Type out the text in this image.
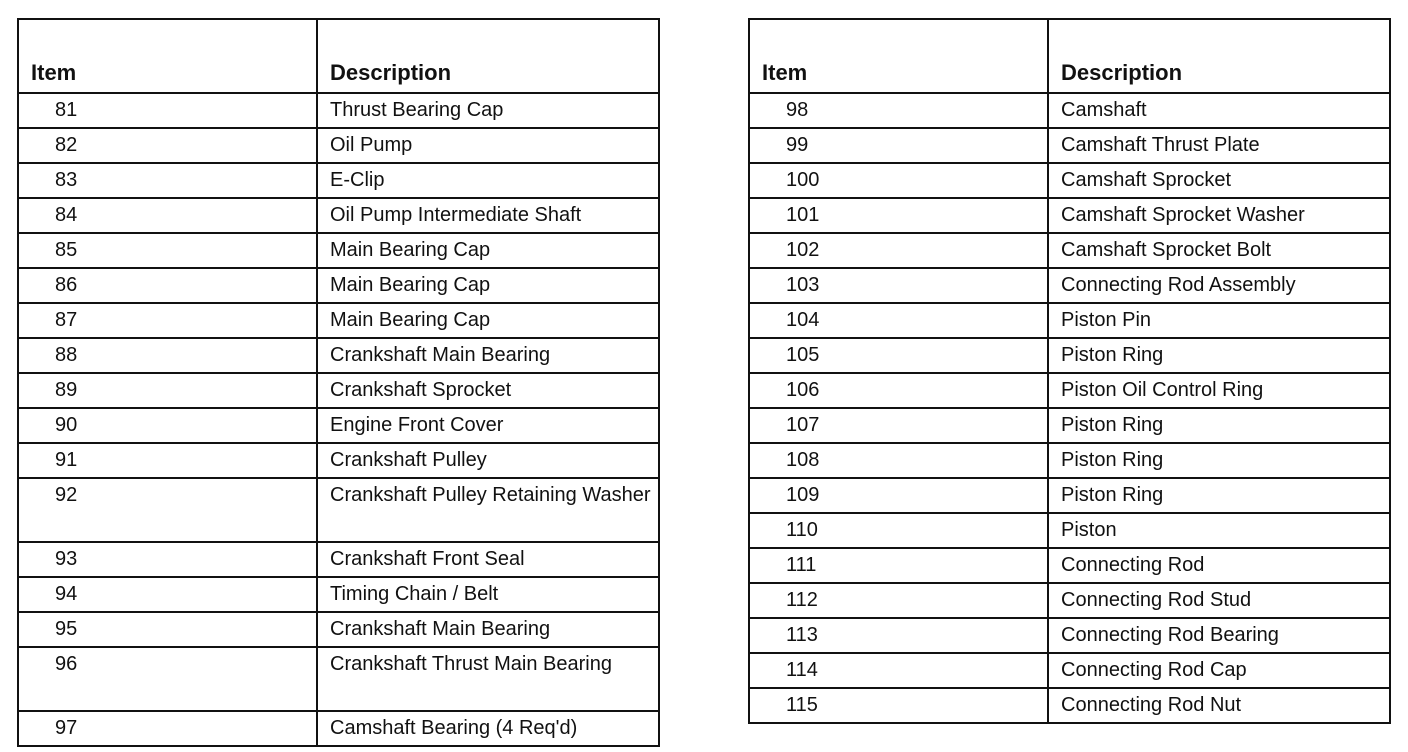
Item	Description
81	Thrust Bearing Cap
82	Oil Pump
83	E-Clip
84	Oil Pump Intermediate Shaft
85	Main Bearing Cap
86	Main Bearing Cap
87	Main Bearing Cap
88	Crankshaft Main Bearing
89	Crankshaft Sprocket
90	Engine Front Cover
91	Crankshaft Pulley
92	Crankshaft Pulley Retaining Washer
93	Crankshaft Front Seal
94	Timing Chain / Belt
95	Crankshaft Main Bearing
96	Crankshaft Thrust Main Bearing
97	Camshaft Bearing (4 Req'd)
Item	Description
98	Camshaft
99	Camshaft Thrust Plate
100	Camshaft Sprocket
101	Camshaft Sprocket Washer
102	Camshaft Sprocket Bolt
103	Connecting Rod Assembly
104	Piston Pin
105	Piston Ring
106	Piston Oil Control Ring
107	Piston Ring
108	Piston Ring
109	Piston Ring
110	Piston
111	Connecting Rod
112	Connecting Rod Stud
113	Connecting Rod Bearing
114	Connecting Rod Cap
115	Connecting Rod Nut
